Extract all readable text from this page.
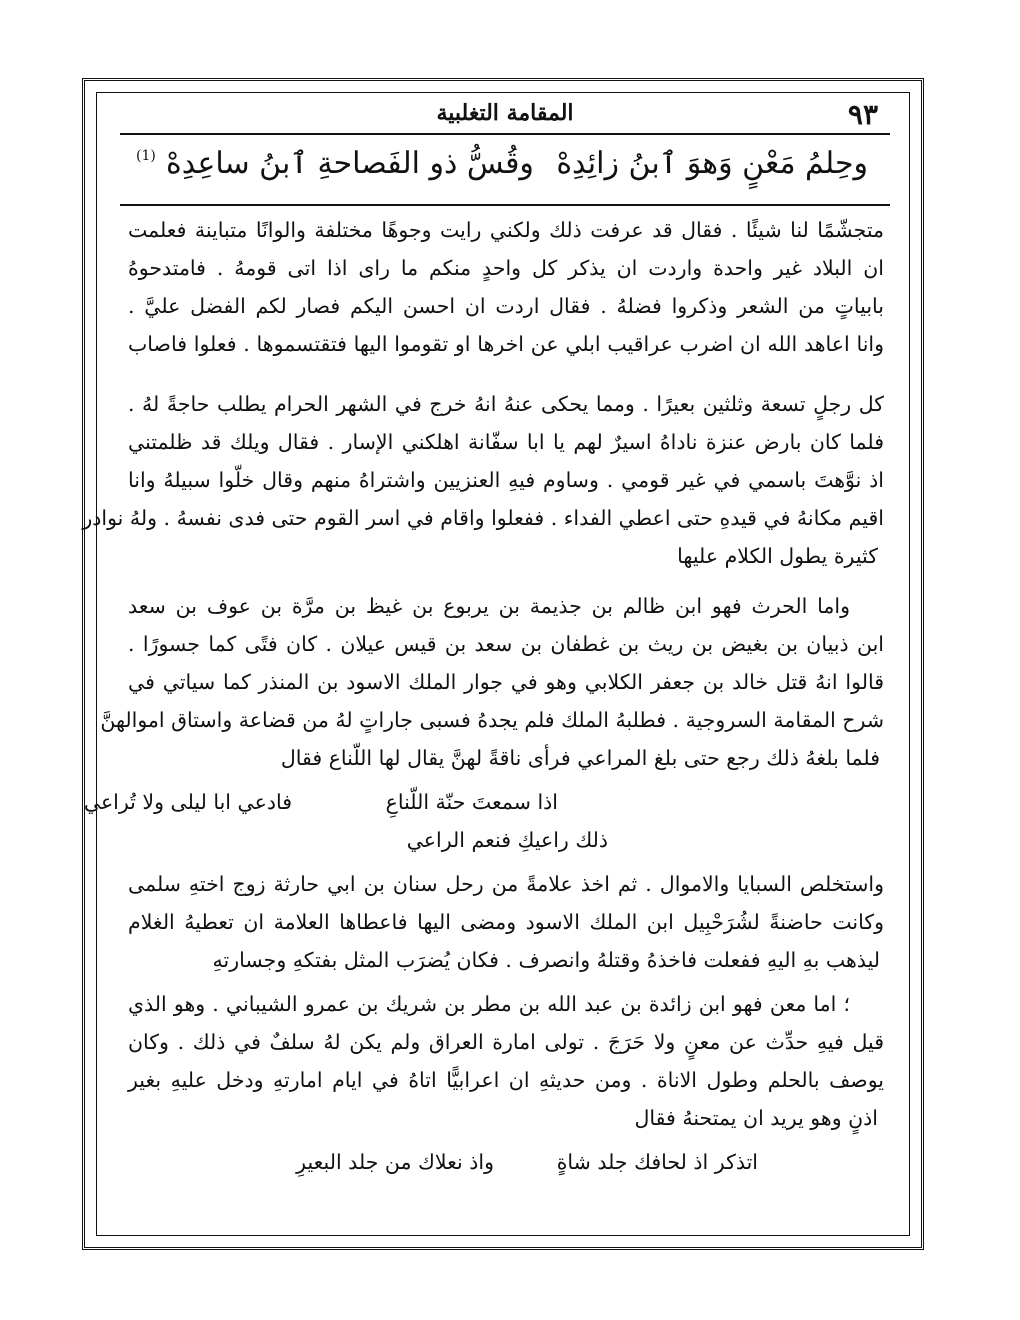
٩٣
المقامة التغلبية
وحِلمُ مَعْنٍ وَهوَ ٱبنُ زائِدِهْ
وقُسُّ ذو الفَصاحةِ ٱبنُ ساعِدِهْ
(1)
متجشّمًا لنا شيئًا . فقال قد عرفت ذلك ولكني رايت وجوهًا مختلفة والوانًا متباينة فعلمت
ان البلاد غير واحدة واردت ان يذكر كل واحدٍ منكم ما راى اذا اتى قومهُ . فامتدحوهُ
بابياتٍ من الشعر وذكروا فضلهُ . فقال اردت ان احسن اليكم فصار لكم الفضل عليَّ .
وانا اعاهد الله ان اضرب عراقيب ابلي عن اخرها او تقوموا اليها فتقتسموها . فعلوا فاصاب
كل رجلٍ تسعة وثلثين بعيرًا . ومما يحكى عنهُ انهُ خرج في الشهر الحرام يطلب حاجةً لهُ .
فلما كان بارض عنزة ناداهُ اسيرٌ لهم يا ابا سفّانة اهلكني الإسار . فقال ويلك قد ظلمتني
اذ نوَّهتَ باسمي في غير قومي . وساوم فيهِ العنزيين واشتراهُ منهم وقال خلّوا سبيلهُ وانا
اقيم مكانهُ في قيدهِ حتى اعطي الفداء . ففعلوا واقام في اسر القوم حتى فدى نفسهُ . ولهُ نوادر
كثيرة يطول الكلام عليها
واما الحرث فهو ابن ظالم بن جذيمة بن يربوع بن غيظ بن مرَّة بن عوف بن سعد
ابن ذبيان بن بغيض بن ريث بن غطفان بن سعد بن قيس عيلان . كان فتًى كما جسورًا .
قالوا انهُ قتل خالد بن جعفر الكلابي وهو في جوار الملك الاسود بن المنذر كما سياتي في
شرح المقامة السروجية . فطلبهُ الملك فلم يجدهُ فسبى جاراتٍ لهُ من قضاعة واستاق اموالهنَّ
فلما بلغهُ ذلك رجع حتى بلغ المراعي فرأى ناقةً لهنَّ يقال لها اللّناع فقال
اذا سمعتَ حنّة اللّناعِ
فادعي ابا ليلى ولا تُراعي
ذلك راعيكِ فنعم الراعي
واستخلص السبايا والاموال . ثم اخذ علامةً من رحل سنان بن ابي حارثة زوج اختهِ سلمى
وكانت حاضنةً لشُرَحْبِيل ابن الملك الاسود ومضى اليها فاعطاها العلامة ان تعطيهُ الغلام
ليذهب بهِ اليهِ ففعلت فاخذهُ وقتلهُ وانصرف . فكان يُضرَب المثل بفتكهِ وجسارتهِ
؛ اما معن فهو ابن زائدة بن عبد الله بن مطر بن شريك بن عمرو الشيباني . وهو الذي
قيل فيهِ حدِّث عن معنٍ ولا حَرَجَ . تولى امارة العراق ولم يكن لهُ سلفٌ في ذلك . وكان
يوصف بالحلم وطول الاناة . ومن حديثهِ ان اعرابيًّا اتاهُ في ايام امارتهِ ودخل عليهِ بغير
اذنٍ وهو يريد ان يمتحنهُ فقال
اتذكر اذ لحافك جلد شاةٍ
واذ نعلاك من جلد البعيرِ
